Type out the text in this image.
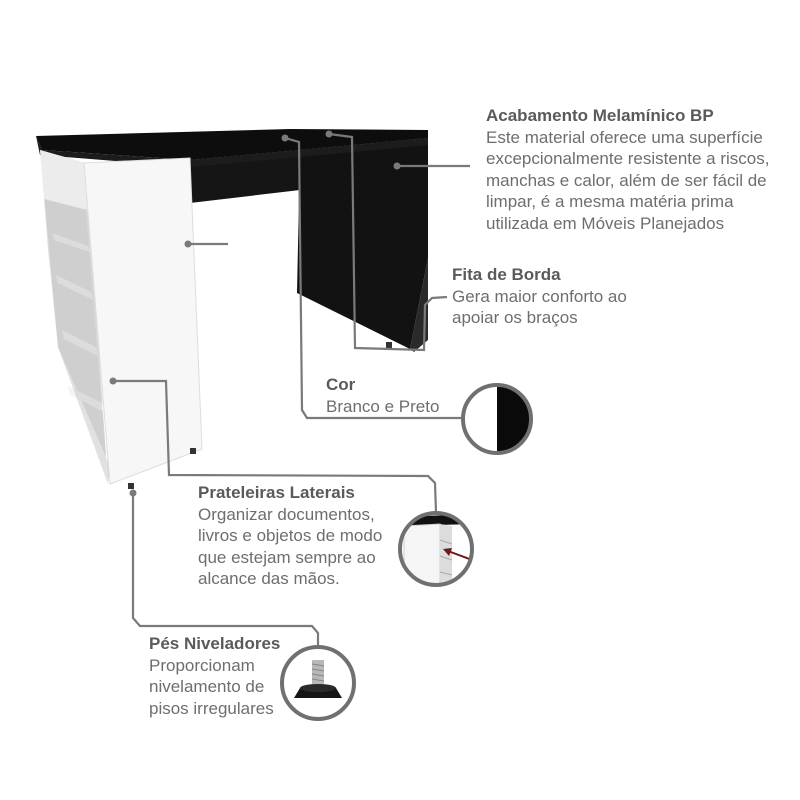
Acabamento Melamínico BP
Este material oferece uma superfície
excepcionalmente resistente a riscos,
manchas e calor, além de ser fácil de
limpar, é a mesma matéria prima
utilizada em Móveis Planejados
Fita de Borda
Gera maior conforto ao
apoiar os braços
Cor
Branco e Preto
Prateleiras Laterais
Organizar documentos,
livros e objetos de modo
que estejam sempre ao
alcance das mãos.
Pés Niveladores
Proporcionam
nivelamento de
pisos irregulares
